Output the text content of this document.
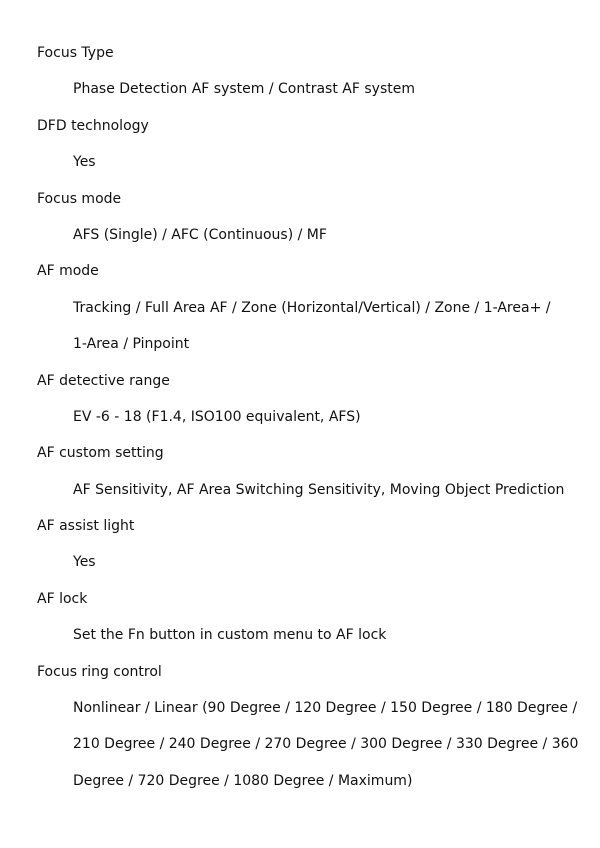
Focus Type
Phase Detection AF system / Contrast AF system
DFD technology
Yes
Focus mode
AFS (Single) / AFC (Continuous) / MF
AF mode
Tracking / Full Area AF / Zone (Horizontal/Vertical) / Zone / 1-Area+ /
1-Area / Pinpoint
AF detective range
EV -6 - 18 (F1.4, ISO100 equivalent, AFS)
AF custom setting
AF Sensitivity, AF Area Switching Sensitivity, Moving Object Prediction
AF assist light
Yes
AF lock
Set the Fn button in custom menu to AF lock
Focus ring control
Nonlinear / Linear (90 Degree / 120 Degree / 150 Degree / 180 Degree /
210 Degree / 240 Degree / 270 Degree / 300 Degree / 330 Degree / 360
Degree / 720 Degree / 1080 Degree / Maximum)
